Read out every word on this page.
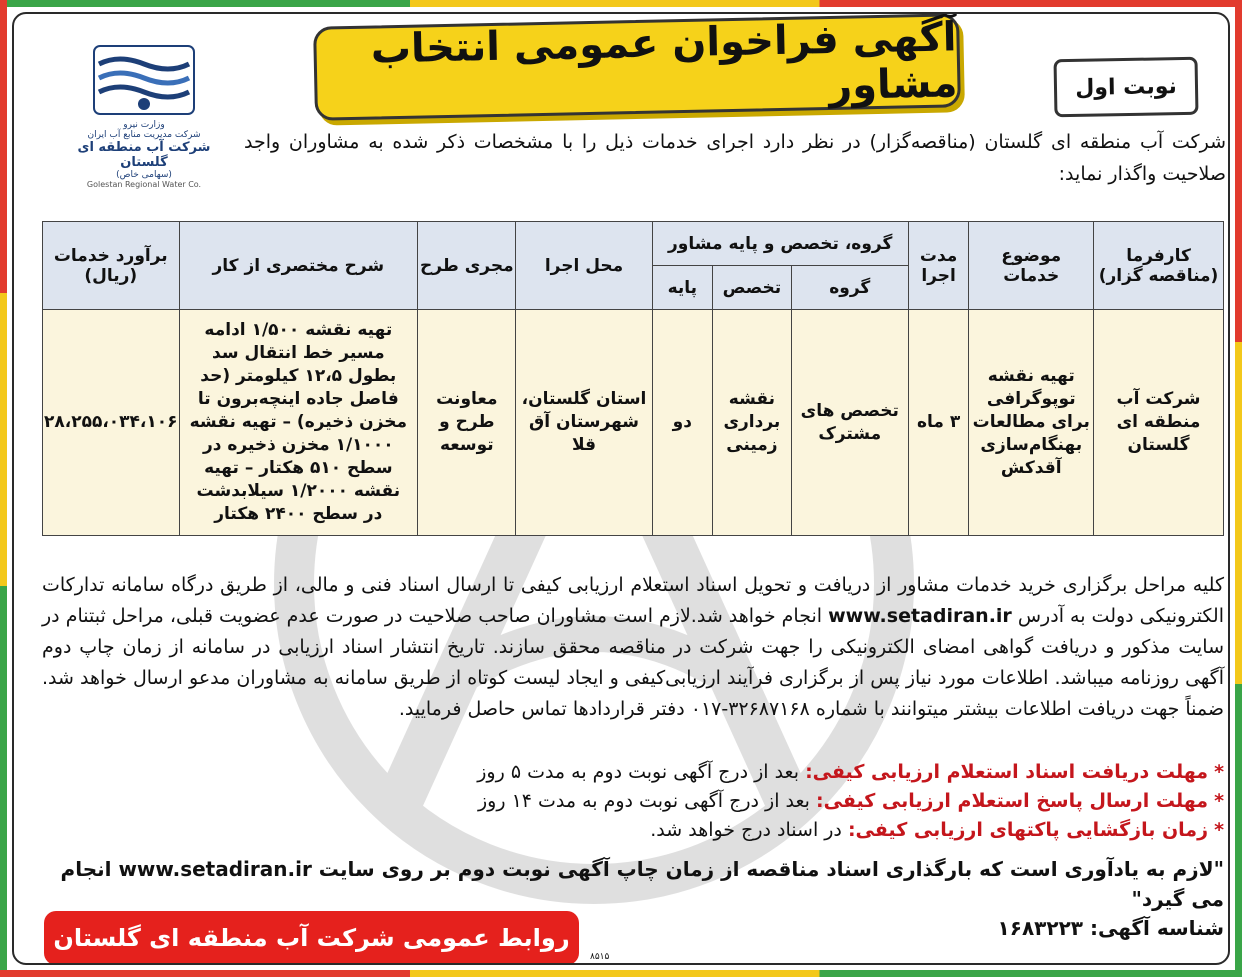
وزارت نیرو
شرکت مدیریت منابع آب ایران
شرکت آب منطقه ای گلستان
(سهامی خاص)
Golestan Regional Water Co.
آگهی فراخوان عمومی انتخاب مشاور	نوبت اول
شرکت آب منطقه ای گلستان (مناقصه‌گزار) در نظر دارد اجرای خدمات ذیل را با مشخصات ذکر شده به مشاوران واجد صلاحیت واگذار نماید:
کارفرما (مناقصه گزار)	موضوع خدمات	مدت اجرا	گروه، تخصص و پایه مشاور			محل اجرا	مجری طرح	شرح مختصری از کار	برآورد خدمات (ریال)
			گروه	تخصص	پایه				
شرکت آب منطقه ای گلستان	تهیه نقشه توپوگرافی برای مطالعات بهنگام‌سازی آقدکش	۳ ماه	تخصص های مشترک	نقشه برداری زمینی	دو	استان گلستان، شهرستان آق قلا	معاونت طرح و توسعه	تهیه نقشه ۱/۵۰۰ ادامه مسیر خط انتقال سد بطول ۱۲،۵ کیلومتر (حد فاصل جاده اینچه‌برون تا مخزن ذخیره) – تهیه نقشه ۱/۱۰۰۰ مخزن ذخیره در سطح ۵۱۰ هکتار – تهیه نقشه ۱/۲۰۰۰ سیلابدشت در سطح ۲۴۰۰ هکتار	۲۸،۲۵۵،۰۳۴،۱۰۶
کلیه مراحل برگزاری خرید خدمات مشاور از دریافت و تحویل اسناد استعلام ارزیابی کیفی تا ارسال اسناد فنی و مالی، از طریق درگاه سامانه تدارکات الکترونیکی دولت به آدرس www.setadiran.ir انجام خواهد شد.لازم است مشاوران صاحب صلاحیت در صورت عدم عضویت قبلی، مراحل ثبتنام در سایت مذکور و دریافت گواهی امضای الکترونیکی را جهت شرکت در مناقصه محقق سازند. تاریخ انتشار اسناد ارزیابی در سامانه از زمان چاپ دوم آگهی روزنامه میباشد. اطلاعات مورد نیاز پس از برگزاری فرآیند ارزیابی‌کیفی و ایجاد لیست کوتاه از طریق سامانه به مشاوران مدعو ارسال خواهد شد. ضمناً جهت دریافت اطلاعات بیشتر میتوانند با شماره ۰۱۷-۳۲۶۸۷۱۶۸ دفتر قراردادها تماس حاصل فرمایید.
* مهلت دریافت اسناد استعلام ارزیابی کیفی: بعد از درج آگهی نوبت دوم به مدت ۵ روز
* مهلت ارسال پاسخ استعلام ارزیابی کیفی: بعد از درج آگهی نوبت دوم به مدت ۱۴ روز
* زمان بازگشایی پاکتهای ارزیابی کیفی: در اسناد درج خواهد شد.
"لازم به یادآوری است که بارگذاری اسناد مناقصه از زمان چاپ آگهی نوبت دوم بر روی سایت www.setadiran.ir انجام می گیرد"
شناسه آگهی: ۱۶۸۳۲۲۳
روابط عمومی شرکت آب منطقه ای گلستان
۸۵۱۵
